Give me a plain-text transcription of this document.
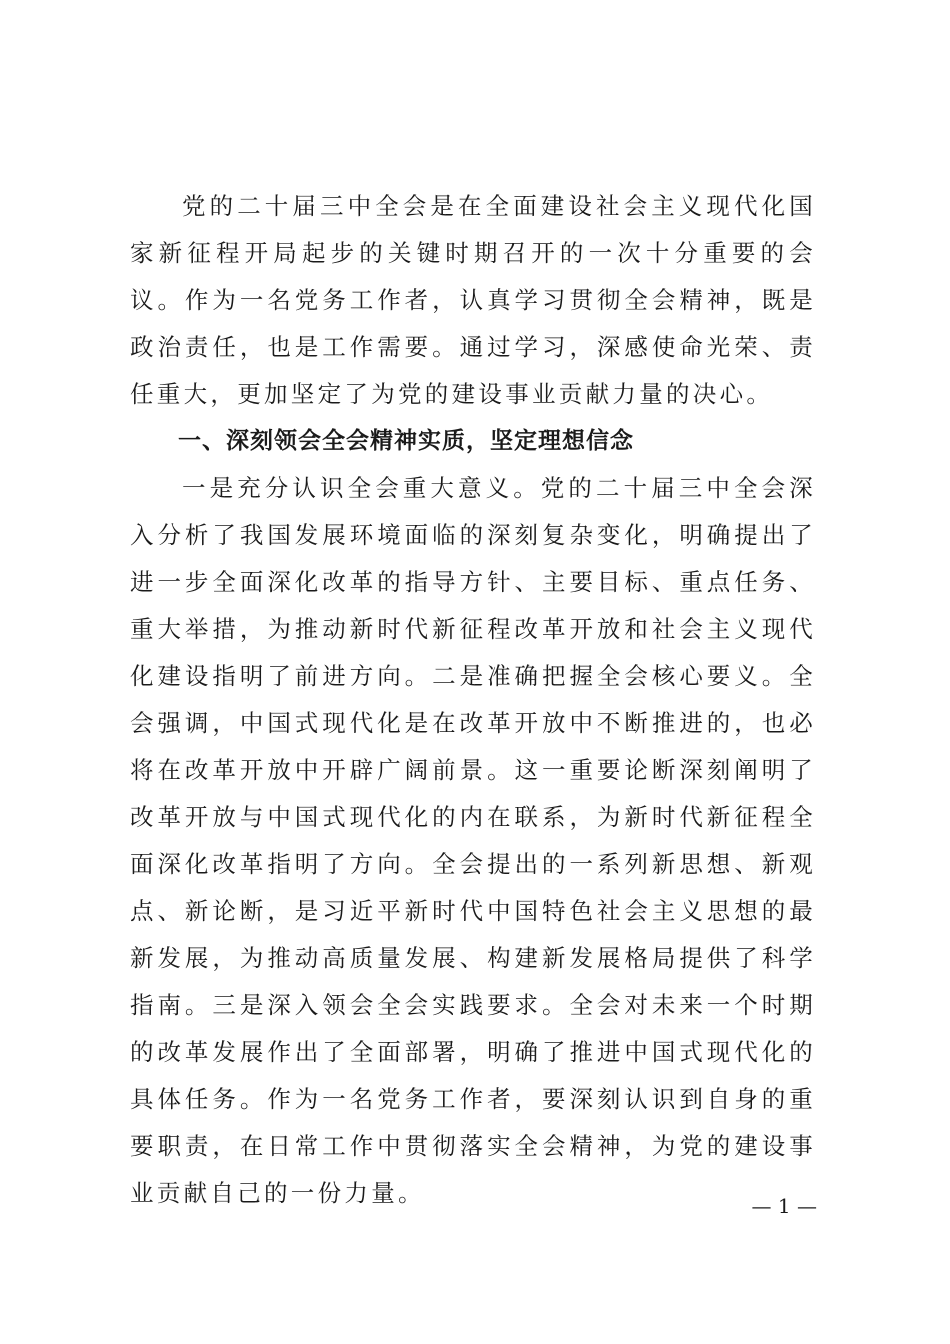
党的二十届三中全会是在全面建设社会主义现代化国家新征程开局起步的关键时期召开的一次十分重要的会议。作为一名党务工作者，认真学习贯彻全会精神，既是政治责任，也是工作需要。通过学习，深感使命光荣、责任重大，更加坚定了为党的建设事业贡献力量的决心。

一、深刻领会全会精神实质，坚定理想信念

一是充分认识全会重大意义。党的二十届三中全会深入分析了我国发展环境面临的深刻复杂变化，明确提出了进一步全面深化改革的指导方针、主要目标、重点任务、重大举措，为推动新时代新征程改革开放和社会主义现代化建设指明了前进方向。二是准确把握全会核心要义。全会强调，中国式现代化是在改革开放中不断推进的，也必将在改革开放中开辟广阔前景。这一重要论断深刻阐明了改革开放与中国式现代化的内在联系，为新时代新征程全面深化改革指明了方向。全会提出的一系列新思想、新观点、新论断，是习近平新时代中国特色社会主义思想的最新发展，为推动高质量发展、构建新发展格局提供了科学指南。三是深入领会全会实践要求。全会对未来一个时期的改革发展作出了全面部署，明确了推进中国式现代化的具体任务。作为一名党务工作者，要深刻认识到自身的重要职责，在日常工作中贯彻落实全会精神，为党的建设事业贡献自己的一份力量。	— 1 —
